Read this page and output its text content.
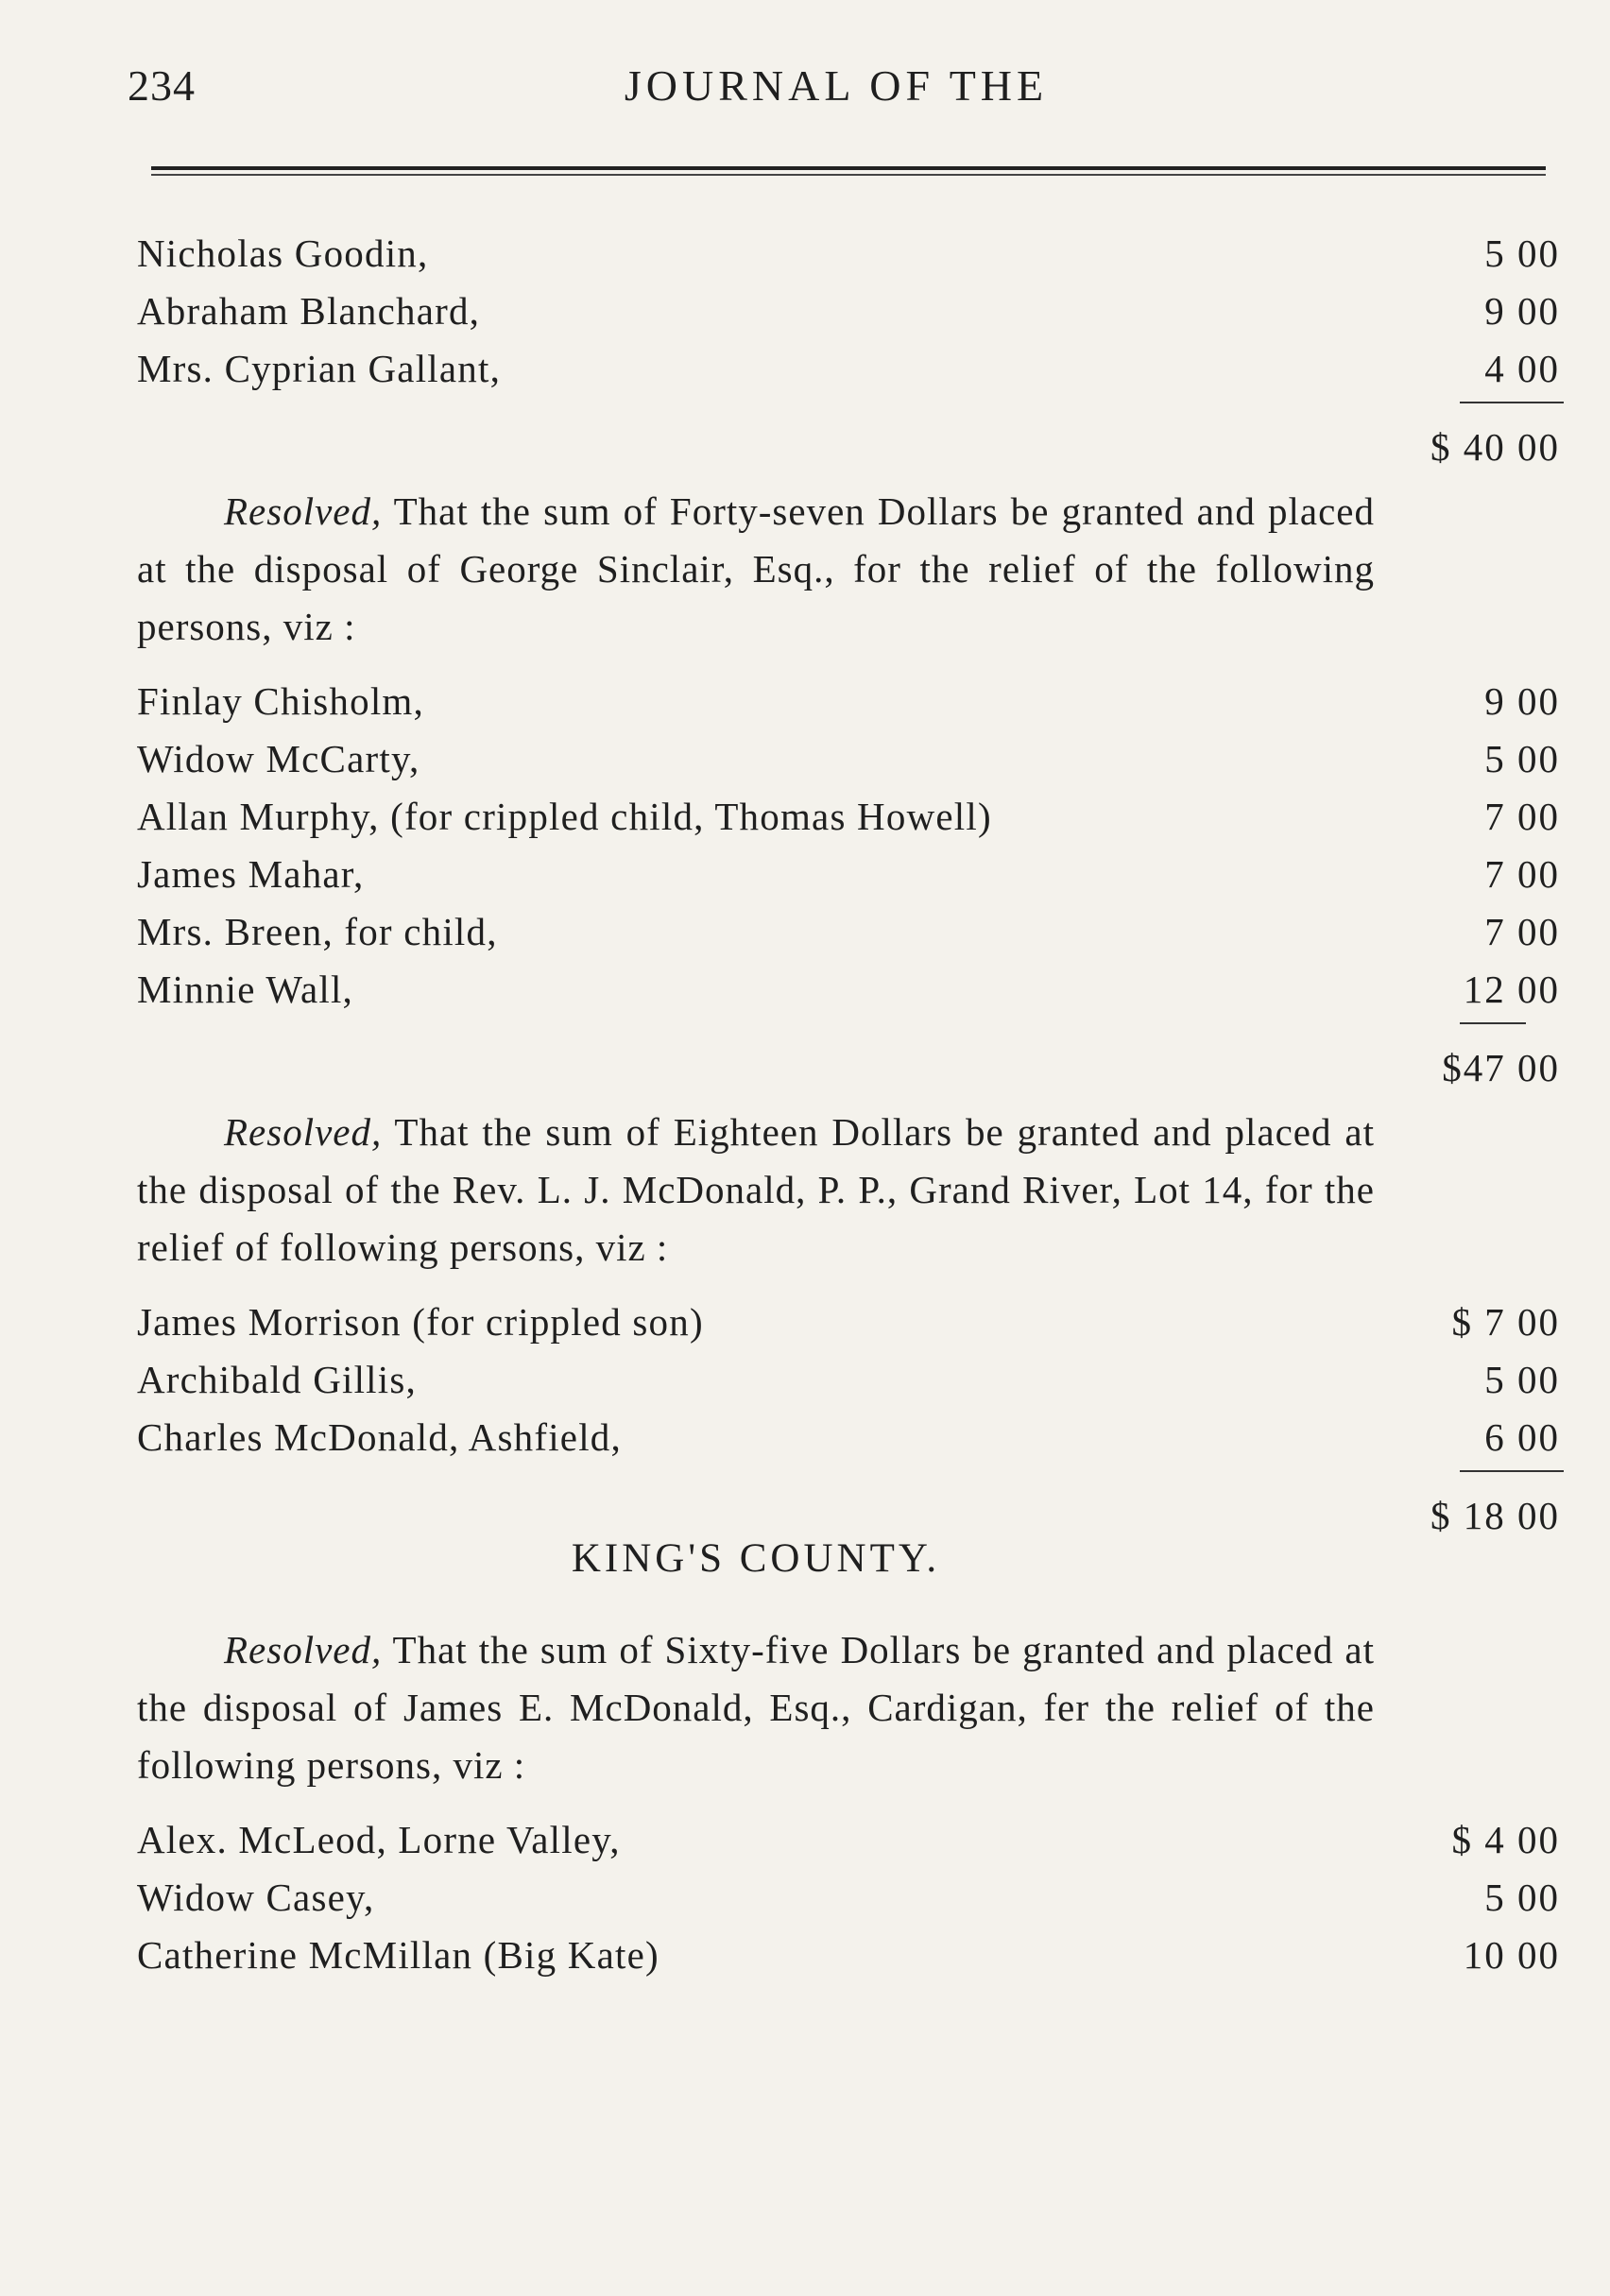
234	JOURNAL OF THE
Nicholas Goodin,	5 00
Abraham Blanchard,	9 00
Mrs. Cyprian Gallant,	4 00
$ 40 00

Resolved, That the sum of Forty-seven Dollars be granted and placed at the disposal of George Sinclair, Esq., for the relief of the following persons, viz :

Finlay Chisholm,	9 00
Widow McCarty,	5 00
Allan Murphy, (for crippled child, Thomas Howell)	7 00
James Mahar,	7 00
Mrs. Breen, for child,	7 00
Minnie Wall,	12 00
$47 00

Resolved, That the sum of Eighteen Dollars be granted and placed at the disposal of the Rev. L. J. McDonald, P. P., Grand River, Lot 14, for the relief of following persons, viz :

James Morrison (for crippled son)	$ 7 00
Archibald Gillis,	5 00
Charles McDonald, Ashfield,	6 00
$ 18 00
KING'S COUNTY.

Resolved, That the sum of Sixty-five Dollars be granted and placed at the disposal of James E. McDonald, Esq., Cardigan, fer the relief of the following persons, viz :

Alex. McLeod, Lorne Valley,	$ 4 00
Widow Casey,	5 00
Catherine McMillan (Big Kate)	10 00
